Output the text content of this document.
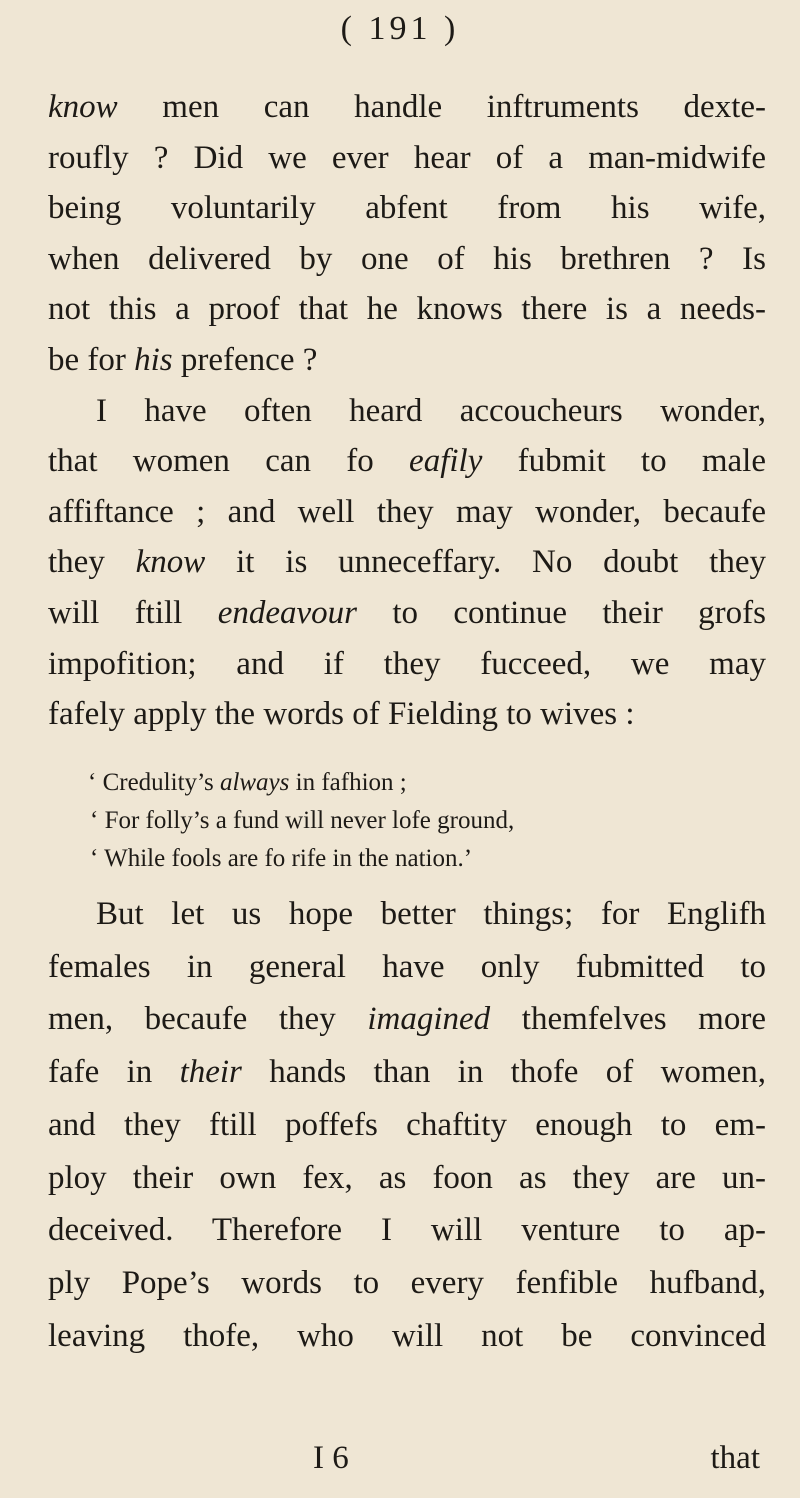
( 191 )
know men can handle inftruments dexte-
roufly ? Did we ever hear of a man-midwife
being voluntarily abfent from his wife,
when delivered by one of his brethren ? Is
not this a proof that he knows there is a needs-
be for his prefence ?
I have often heard accoucheurs wonder,
that women can fo eafily fubmit to male
affiftance ; and well they may wonder, becaufe
they know it is unneceffary. No doubt they
will ftill endeavour to continue their grofs
impofition; and if they fucceed, we may
fafely apply the words of Fielding to wives :
‘ Credulity’s always in fafhion ;
‘ For folly’s a fund will never lofe ground,
‘ While fools are fo rife in the nation.’
But let us hope better things; for Englifh
females in general have only fubmitted to
men, becaufe they imagined themfelves more
fafe in their hands than in thofe of women,
and they ftill poffefs chaftity enough to em-
ploy their own fex, as foon as they are un-
deceived. Therefore I will venture to ap-
ply Pope’s words to every fenfible hufband,
leaving thofe, who will not be convinced
I 6	that
